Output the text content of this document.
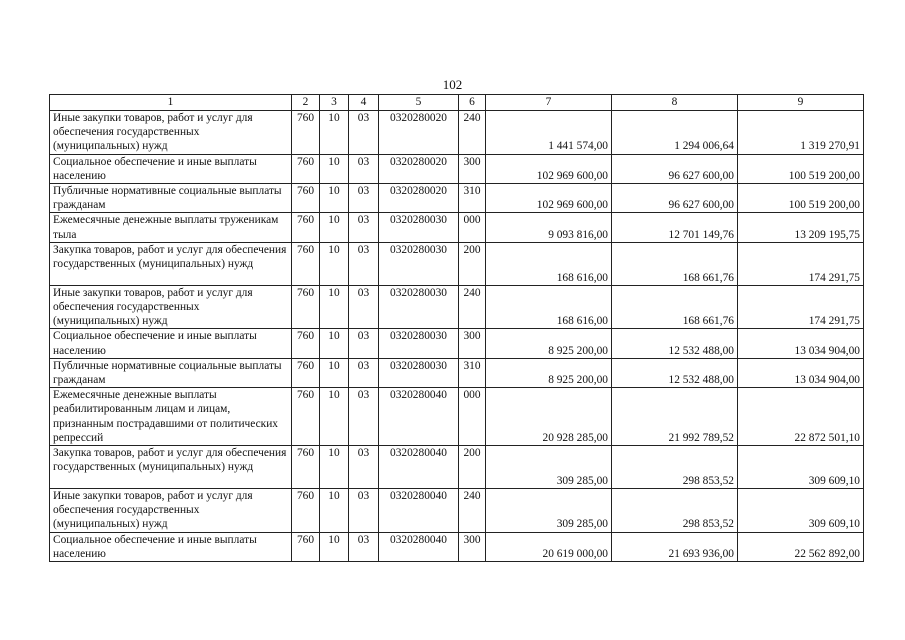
102
1	2	3	4	5	6	7	8	9
Иные закупки товаров, работ и услуг для обеспечения государственных (муниципальных) нужд	760	10	03	0320280020	240	1 441 574,00	1 294 006,64	1 319 270,91
Социальное обеспечение и иные выплаты населению	760	10	03	0320280020	300	102 969 600,00	96 627 600,00	100 519 200,00
Публичные нормативные социальные выплаты гражданам	760	10	03	0320280020	310	102 969 600,00	96 627 600,00	100 519 200,00
Ежемесячные денежные выплаты труженикам тыла	760	10	03	0320280030	000	9 093 816,00	12 701 149,76	13 209 195,75
Закупка товаров, работ и услуг для обеспечения государственных (муниципальных) нужд	760	10	03	0320280030	200	168 616,00	168 661,76	174 291,75
Иные закупки товаров, работ и услуг для обеспечения государственных (муниципальных) нужд	760	10	03	0320280030	240	168 616,00	168 661,76	174 291,75
Социальное обеспечение и иные выплаты населению	760	10	03	0320280030	300	8 925 200,00	12 532 488,00	13 034 904,00
Публичные нормативные социальные выплаты гражданам	760	10	03	0320280030	310	8 925 200,00	12 532 488,00	13 034 904,00
Ежемесячные денежные выплаты реабилитированным лицам и лицам, признанным пострадавшими от политических репрессий	760	10	03	0320280040	000	20 928 285,00	21 992 789,52	22 872 501,10
Закупка товаров, работ и услуг для обеспечения государственных (муниципальных) нужд	760	10	03	0320280040	200	309 285,00	298 853,52	309 609,10
Иные закупки товаров, работ и услуг для обеспечения государственных (муниципальных) нужд	760	10	03	0320280040	240	309 285,00	298 853,52	309 609,10
Социальное обеспечение и иные выплаты населению	760	10	03	0320280040	300	20 619 000,00	21 693 936,00	22 562 892,00
